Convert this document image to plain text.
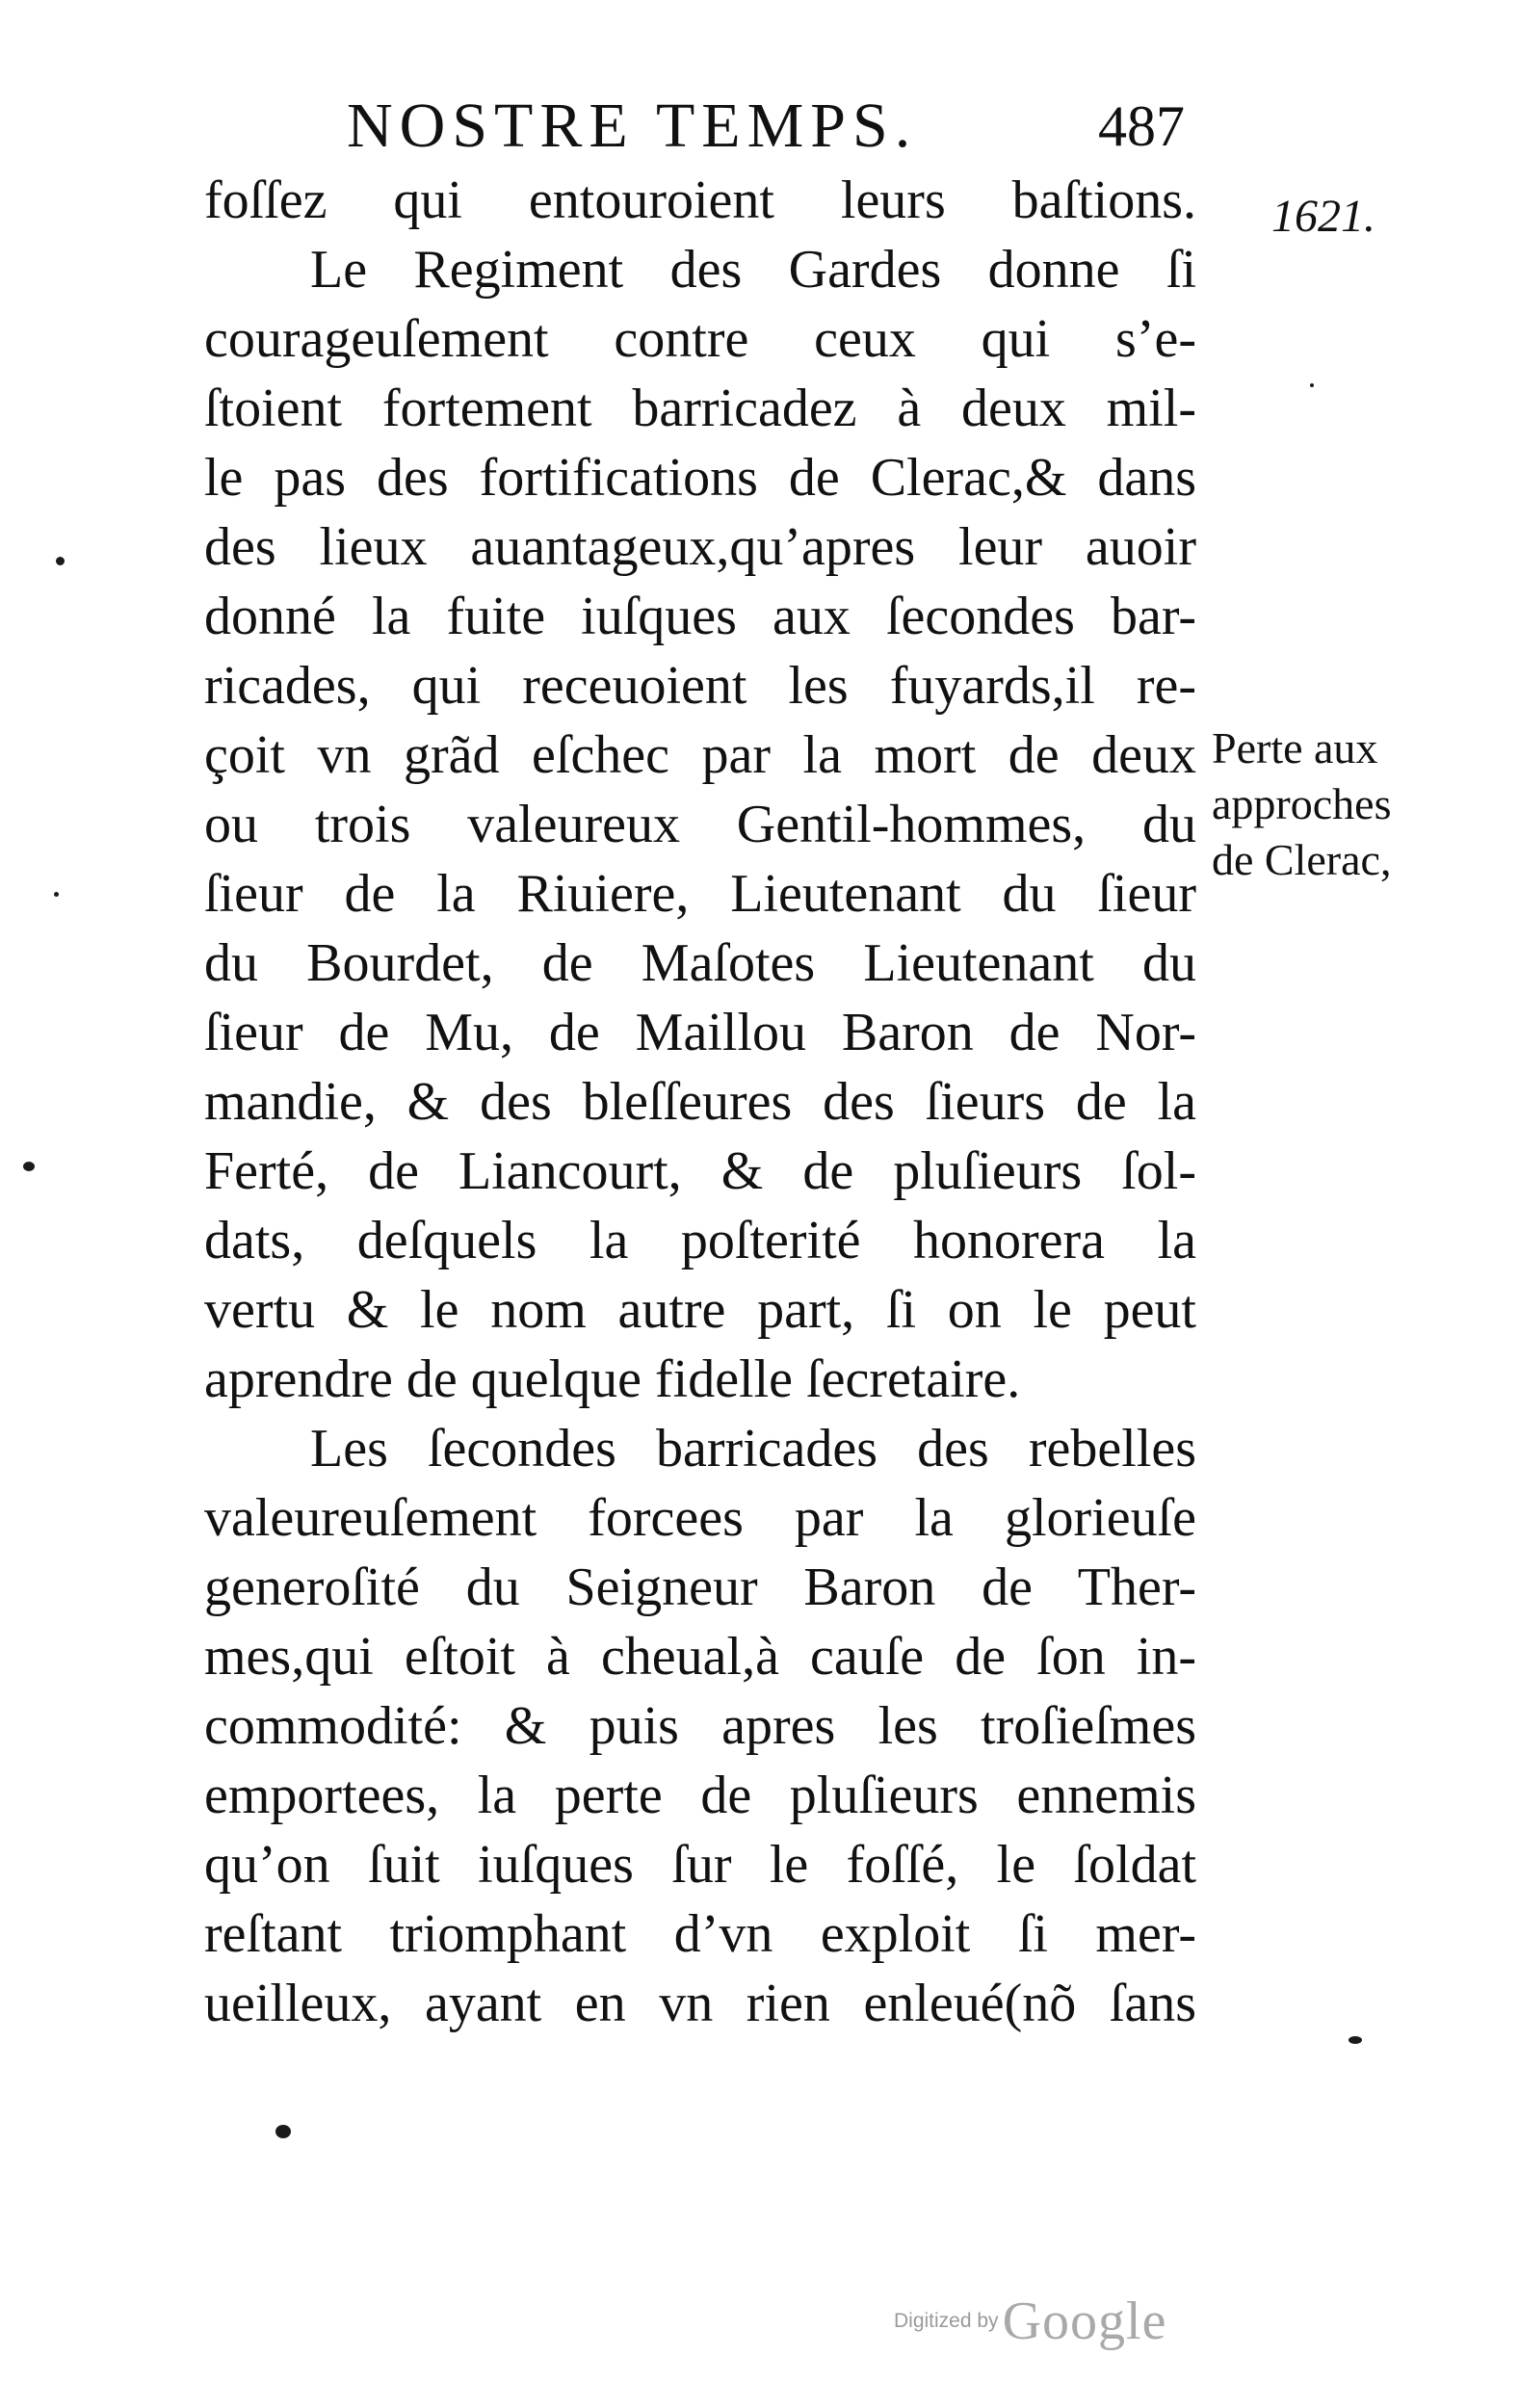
NOSTRE TEMPS.	487
1621.
foſſez qui entouroient leurs baſtions.
Le Regiment des Gardes donne ſi
courageuſement contre ceux qui s’e-
ſtoient fortement barricadez à deux mil-
le pas des fortifications de Clerac,& dans
des lieux auantageux,qu’apres leur auoir
donné la fuite iuſques aux ſecondes bar-
ricades, qui receuoient les fuyards,il re-
çoit vn grãd eſchec par la mort de deux
ou trois valeureux Gentil-hommes, du
ſieur de la Riuiere, Lieutenant du ſieur
du Bourdet, de Maſotes Lieutenant du
ſieur de Mu, de Maillou Baron de Nor-
mandie, & des bleſſeures des ſieurs de la
Ferté, de Liancourt, & de pluſieurs ſol-
dats, deſquels la poſterité honorera la
vertu & le nom autre part, ſi on le peut
aprendre de quelque fidelle ſecretaire.
Les ſecondes barricades des rebelles
valeureuſement forcees par la glorieuſe
generoſité du Seigneur Baron de Ther-
mes,qui eſtoit à cheual,à cauſe de ſon in-
commodité: & puis apres les troſieſmes
emportees, la perte de pluſieurs ennemis
qu’on ſuit iuſques ſur le foſſé, le ſoldat
reſtant triomphant d’vn exploit ſi mer-
ueilleux, ayant en vn rien enleué(nõ ſans
Perte aux
approches
de Clerac,
Digitized by Google
